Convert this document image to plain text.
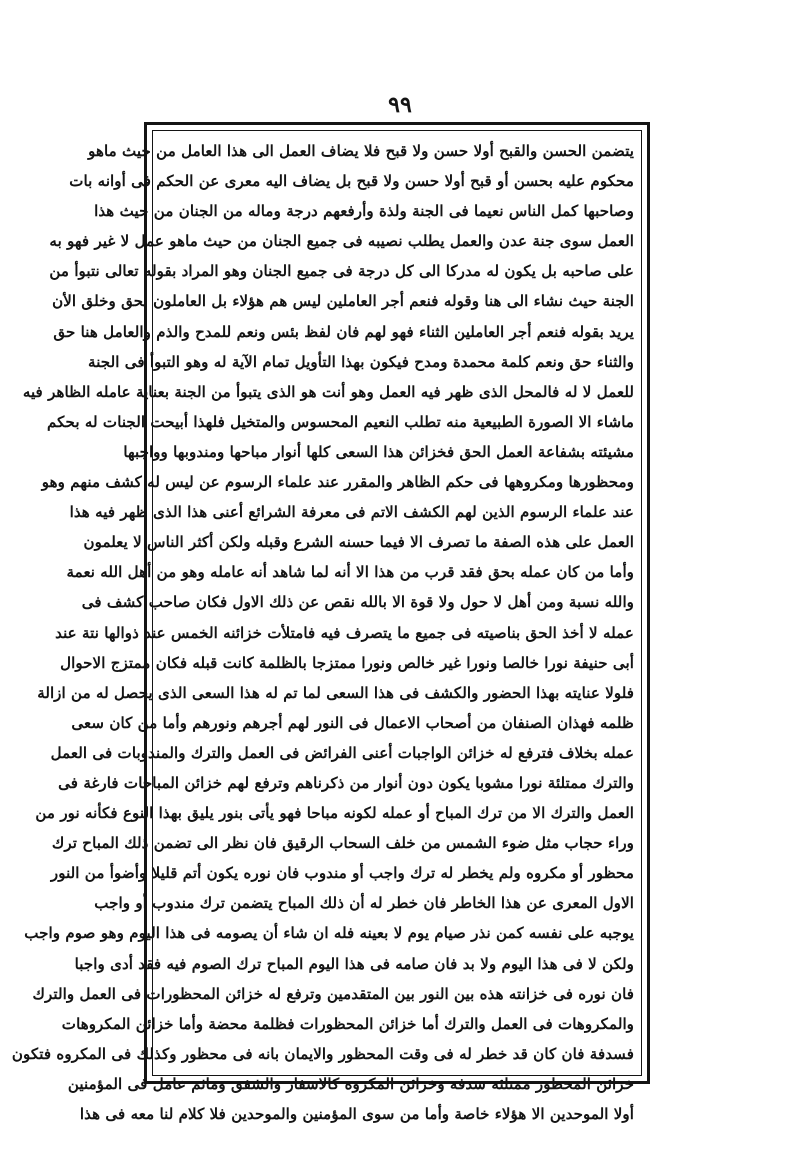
٩٩
يتضمن الحسن والقبح أولا حسن ولا قبح فلا يضاف العمل الى هذا العامل من حيث ماهو
محكوم عليه بحسن أو قبح أولا حسن ولا قبح بل يضاف اليه معرى عن الحكم فى أوانه بات
وصاحبها كمل الناس نعيما فى الجنة ولذة وأرفعهم درجة وماله من الجنان من حيث هذا
العمل سوى جنة عدن والعمل يطلب نصيبه فى جميع الجنان من حيث ماهو عمل لا غير فهو به
على صاحبه بل يكون له مدركا الى كل درجة فى جميع الجنان وهو المراد بقوله تعالى نتبوأ من
الجنة حيث نشاء الى هنا وقوله فنعم أجر العاملين ليس هم هؤلاء بل العاملون بحق وخلق الأن
يريد بقوله فنعم أجر العاملين الثناء فهو لهم فان لفظ بئس ونعم للمدح والذم والعامل هنا حق
والثناء حق ونعم كلمة محمدة ومدح فيكون بهذا التأويل تمام الآية له وهو التبوأ فى الجنة
للعمل لا له فالمحل الذى ظهر فيه العمل وهو أنت هو الذى يتبوأ من الجنة بعناية عامله الظاهر فيه
ماشاء الا الصورة الطبيعية منه تطلب النعيم المحسوس والمتخيل فلهذا أبيحت الجنات له بحكم
مشيئته بشفاعة العمل الحق فخزائن هذا السعى كلها أنوار مباحها ومندوبها وواجبها
ومحظورها ومكروهها فى حكم الظاهر والمقرر عند علماء الرسوم عن ليس له كشف منهم وهو
عند علماء الرسوم الذين لهم الكشف الاتم فى معرفة الشرائع أعنى هذا الذى ظهر فيه هذا
العمل على هذه الصفة ما تصرف الا فيما حسنه الشرع وقبله ولكن أكثر الناس لا يعلمون
وأما من كان عمله بحق فقد قرب من هذا الا أنه لما شاهد أنه عامله وهو من أهل الله نعمة
والله نسبة ومن أهل لا حول ولا قوة الا بالله نقص عن ذلك الاول فكان صاحب كشف فى
عمله لا أخذ الحق بناصيته فى جميع ما يتصرف فيه فامتلأت خزائنه الخمس عند ذوالها نتة عند
أبى حنيفة نورا خالصا ونورا غير خالص ونورا ممتزجا بالظلمة كانت قبله فكان ممتزج الاحوال
فلولا عنايته بهذا الحضور والكشف فى هذا السعى لما تم له هذا السعى الذى يحصل له من ازالة
ظلمه فهذان الصنفان من أصحاب الاعمال فى النور لهم أجرهم ونورهم وأما من كان سعى
عمله بخلاف فترفع له خزائن الواجبات أعنى الفرائض فى العمل والترك والمندوبات فى العمل
والترك ممتلئة نورا مشوبا يكون دون أنوار من ذكرناهم وترفع لهم خزائن المباحات فارغة فى
العمل والترك الا من ترك المباح أو عمله لكونه مباحا فهو يأتى بنور يليق بهذا النوع فكأنه نور من
وراء حجاب مثل ضوء الشمس من خلف السحاب الرقيق فان نظر الى تضمن ذلك المباح ترك
محظور أو مكروه ولم يخطر له ترك واجب أو مندوب فان نوره يكون أتم قليلا وأضوأ من النور
الاول المعرى عن هذا الخاطر فان خطر له أن ذلك المباح يتضمن ترك مندوب أو واجب
يوجبه على نفسه كمن نذر صيام يوم لا بعينه فله ان شاء أن يصومه فى هذا اليوم وهو صوم واجب
ولكن لا فى هذا اليوم ولا بد فان صامه فى هذا اليوم المباح ترك الصوم فيه فقد أدى واجبا
فان نوره فى خزانته هذه بين النور بين المتقدمين وترفع له خزائن المحظورات فى العمل والترك
والمكروهات فى العمل والترك أما خزائن المحظورات فظلمة محضة وأما خزائن المكروهات
فسدفة فان كان قد خطر له فى وقت المحظور والايمان بانه فى محظور وكذلك فى المكروه فتكون
خزائن المحظور ممتلئة سدفة وخزائن المكروه كالاسفار والشفق وماثم عامل فى المؤمنين
أولا الموحدين الا هؤلاء خاصة وأما من سوى المؤمنين والموحدين فلا كلام لنا معه فى هذا
